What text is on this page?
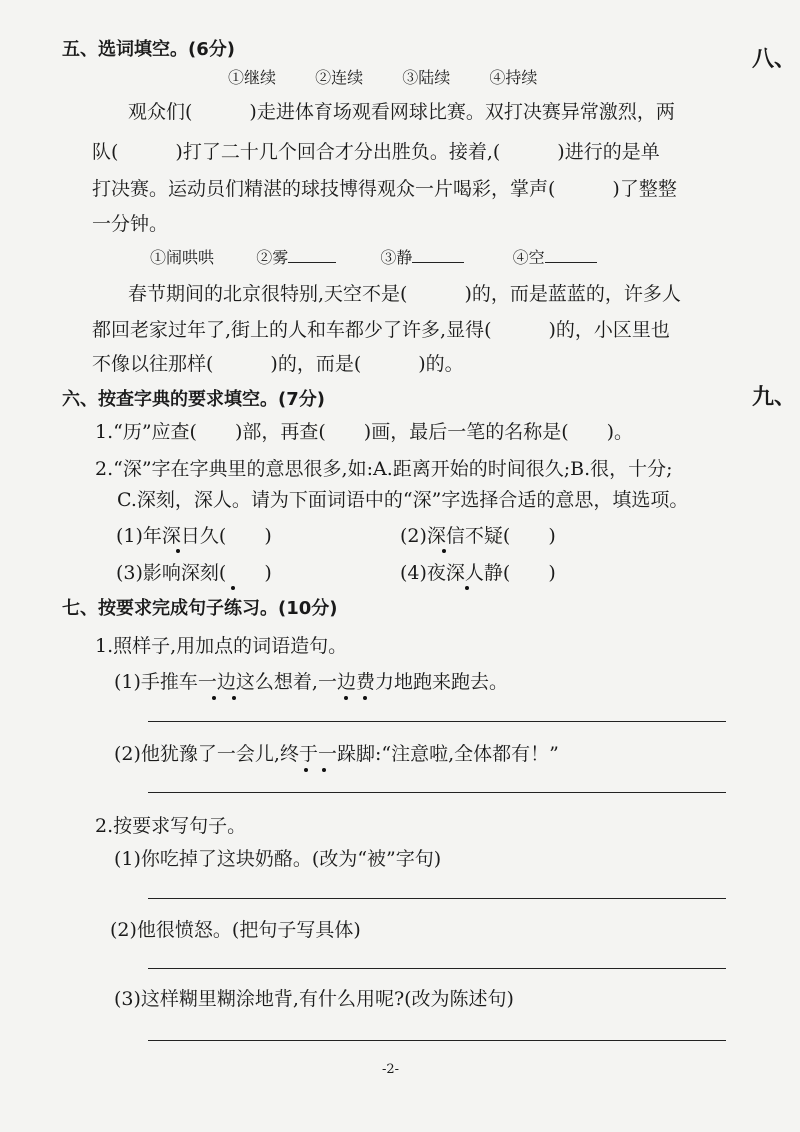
五、选词填空。(6分)
①继续 ②连续 ③陆续 ④持续
观众们(　　　)走进体育场观看网球比赛。双打决赛异常激烈，两
队(　　　)打了二十几个回合才分出胜负。接着,(　　　)进行的是单
打决赛。运动员们精湛的球技博得观众一片喝彩，掌声(　　　)了整整
一分钟。
①闹哄哄	②雾	③静	④空
春节期间的北京很特别,天空不是(　　　)的，而是蓝蓝的，许多人
都回老家过年了,街上的人和车都少了许多,显得(　　　)的，小区里也
不像以往那样(　　　)的，而是(　　　)的。
六、按查字典的要求填空。(7分)
1.“历”应查(　　)部，再查(　　)画，最后一笔的名称是(　　)。
2.“深”字在字典里的意思很多,如:A.距离开始的时间很久;B.很，十分;
C.深刻，深人。请为下面词语中的“深”字选择合适的意思，填选项。
(1)年深日久(　　)	(2)深信不疑(　　)
(3)影响深刻(　　)	(4)夜深人静(　　)
七、按要求完成句子练习。(10分)
1.照样子,用加点的词语造句。
(1)手推车一边这么想着,一边费力地跑来跑去。
(2)他犹豫了一会儿,终于一跺脚:“注意啦,全体都有！”
2.按要求写句子。
(1)你吃掉了这块奶酪。(改为“被”字句)
(2)他很愤怒。(把句子写具体)
(3)这样糊里糊涂地背,有什么用呢?(改为陈述句)
八、
九、
-2-
